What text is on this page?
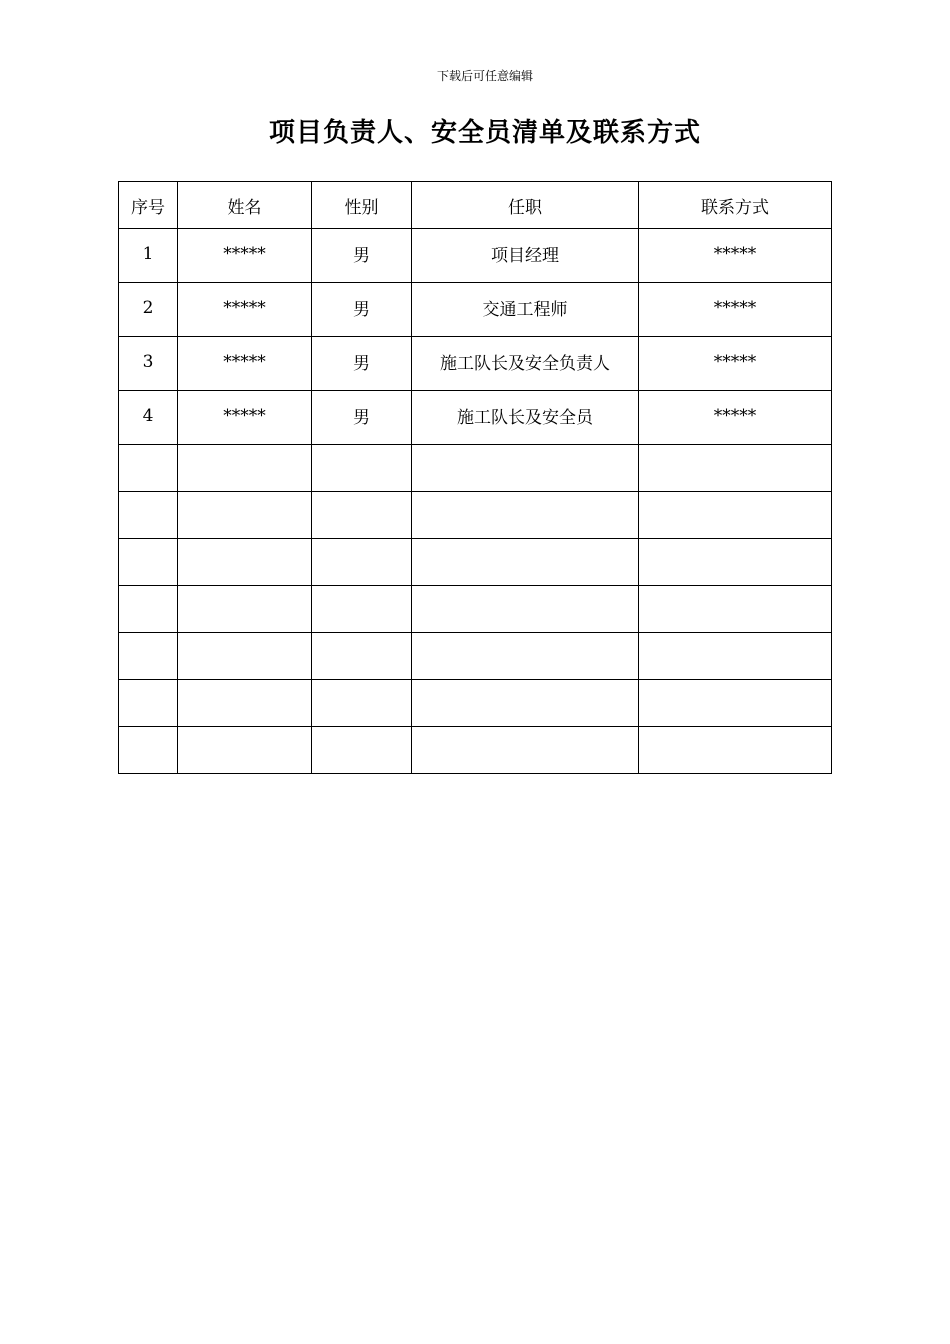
下载后可任意编辑
项目负责人、安全员清单及联系方式
序号	姓名	性别	任职	联系方式
1	*****	男	项目经理	*****
2	*****	男	交通工程师	*****
3	*****	男	施工队长及安全负责人	*****
4	*****	男	施工队长及安全员	*****
